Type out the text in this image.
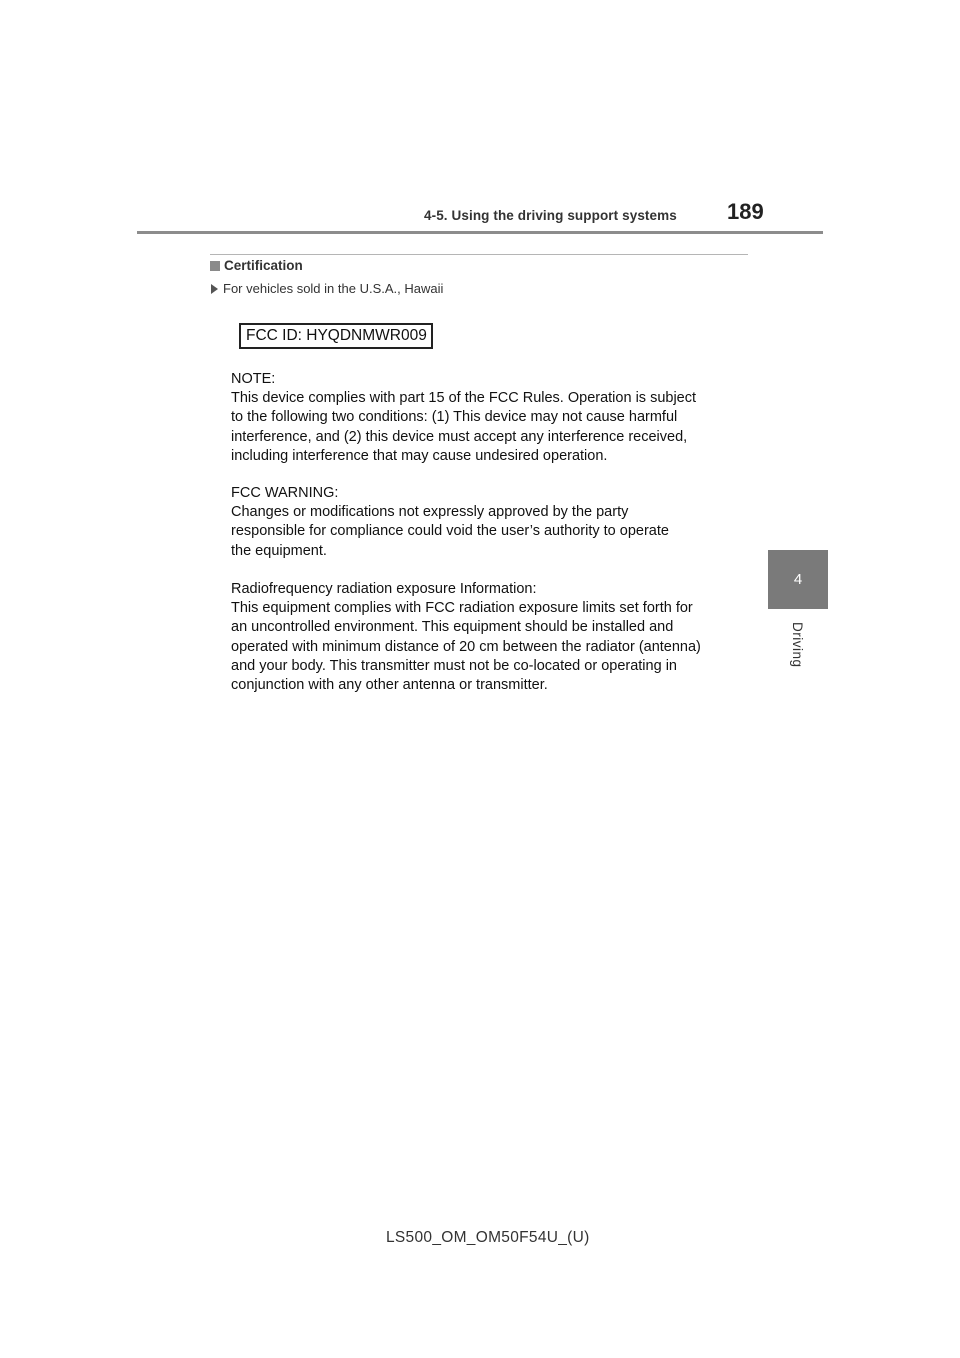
4-5. Using the driving support systems 189
Certification
For vehicles sold in the U.S.A., Hawaii
FCC ID: HYQDNMWR009

NOTE:
This device complies with part 15 of the FCC Rules. Operation is subject
to the following two conditions: (1) This device may not cause harmful
interference, and (2) this device must accept any interference received,
including interference that may cause undesired operation.

FCC WARNING:
Changes or modifications not expressly approved by the party
responsible for compliance could void the user’s authority to operate
the equipment.

Radiofrequency radiation exposure Information:
This equipment complies with FCC radiation exposure limits set forth for
an uncontrolled environment. This equipment should be installed and
operated with minimum distance of 20 cm between the radiator (antenna)
and your body. This transmitter must not be co-located or operating in
conjunction with any other antenna or transmitter.

4
Driving
LS500_OM_OM50F54U_(U)
